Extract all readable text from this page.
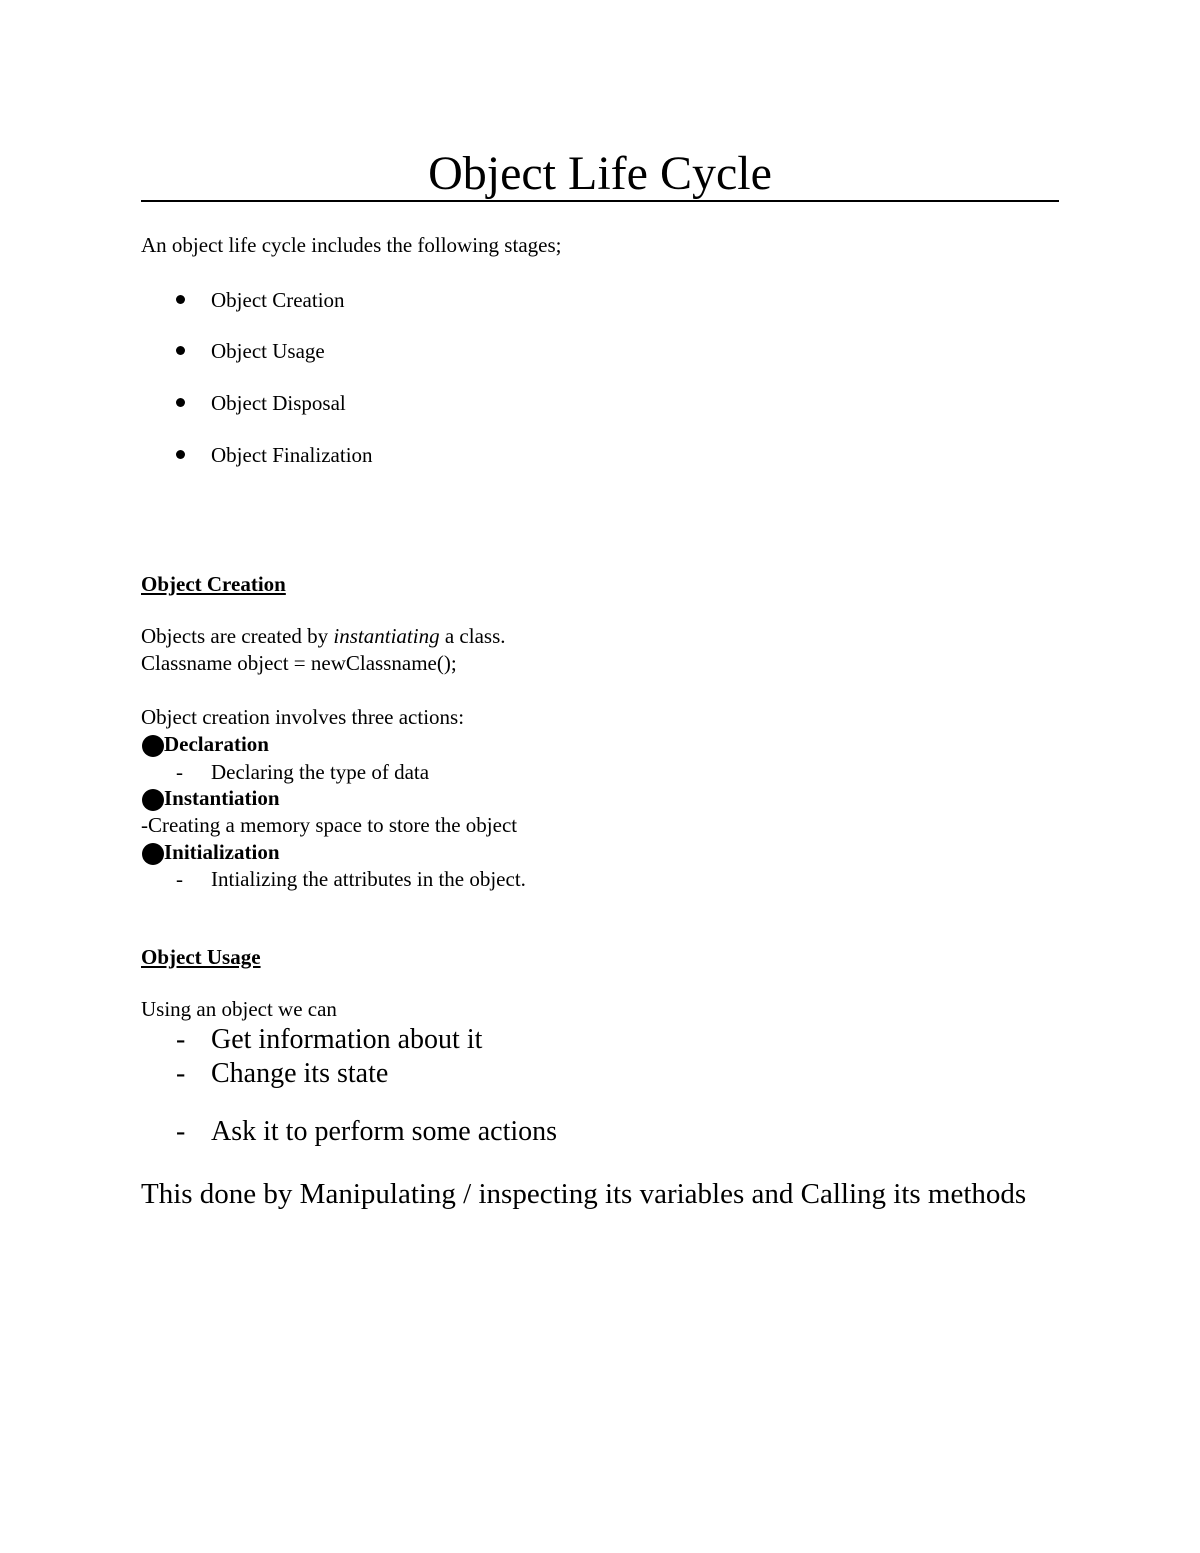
Object Life Cycle
An object life cycle includes the following stages;
Object Creation
Object Usage
Object Disposal
Object Finalization
Object Creation
Objects are created by instantiating a class.
Classname object = newClassname();
Object creation involves three actions:
Declaration
- Declaring the type of data
Instantiation
-Creating a memory space to store the object
Initialization
- Intializing the attributes in the object.
Object Usage
Using an object we can
- Get information about it
- Change its state
- Ask it to perform some actions
This done by Manipulating / inspecting its variables and Calling its methods
